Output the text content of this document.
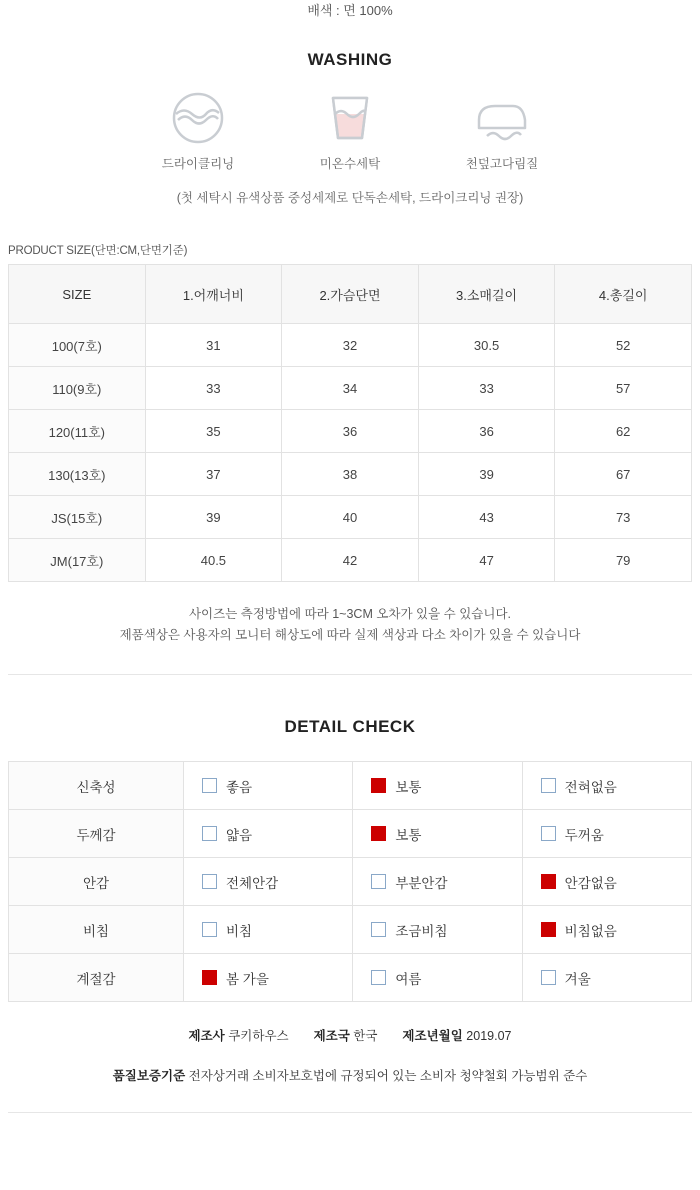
배색 : 면 100%
WASHING
드라이클리닝	미온수세탁	천덮고다림질
(첫 세탁시 유색상품 중성세제로 단독손세탁, 드라이크리닝 권장)
PRODUCT SIZE(단면:CM,단면기준)
SIZE	1.어깨너비	2.가슴단면	3.소매길이	4.총길이
100(7호)	31	32	30.5	52
110(9호)	33	34	33	57
120(11호)	35	36	36	62
130(13호)	37	38	39	67
JS(15호)	39	40	43	73
JM(17호)	40.5	42	47	79
사이즈는 측정방법에 따라 1~3CM 오차가 있을 수 있습니다.
제품색상은 사용자의 모니터 해상도에 따라 실제 색상과 다소 차이가 있을 수 있습니다
DETAIL CHECK
신축성	좋음	보통	전혀없음

두께감	얇음	보통	두꺼움

안감	전체안감	부분안감	안감없음

비침	비침	조금비침	비침없음

계절감	봄 가을	여름	겨울
제조사 쿠키하우스 제조국 한국 제조년월일 2019.07
품질보증기준 전자상거래 소비자보호법에 규정되어 있는 소비자 청약철회 가능범위 준수
